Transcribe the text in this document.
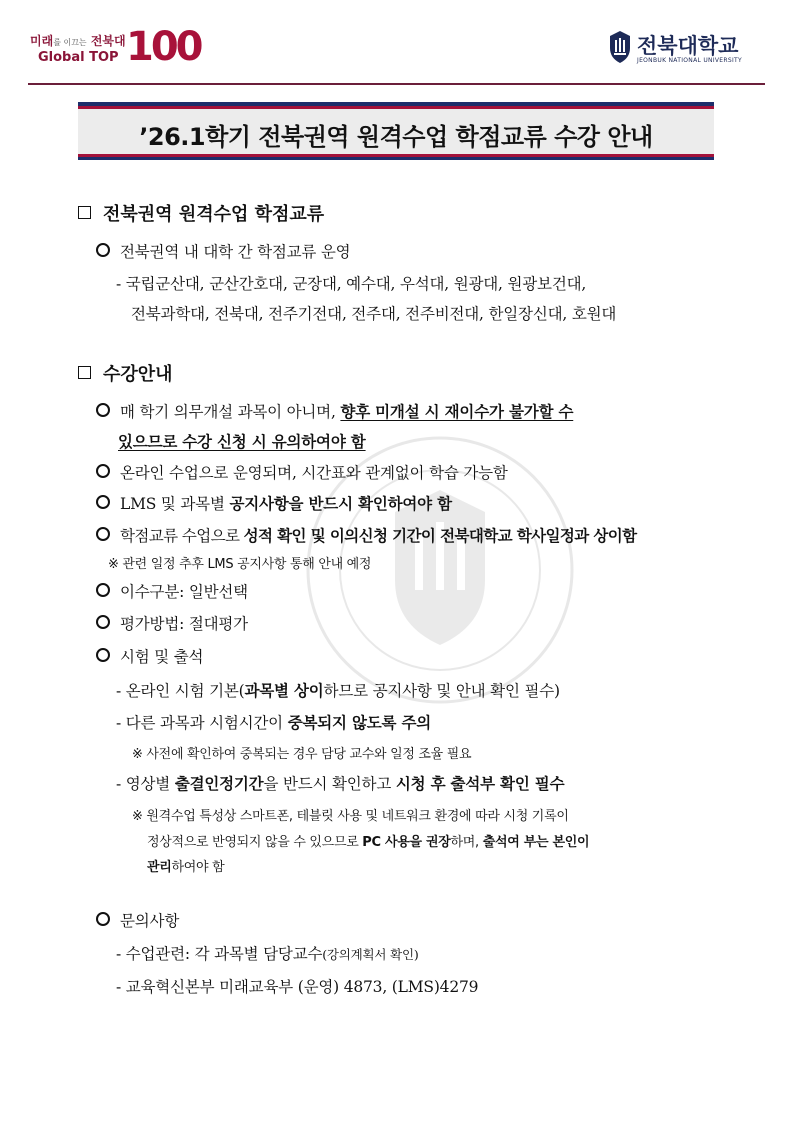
미래를 이끄는 전북대
Global TOP 100	전북대학교
JEONBUK NATIONAL UNIVERSITY
’26.1학기 전북권역 원격수업 학점교류 수강 안내
전북권역 원격수업 학점교류
전북권역 내 대학 간 학점교류 운영
- 국립군산대, 군산간호대, 군장대, 예수대, 우석대, 원광대, 원광보건대,
전북과학대, 전북대, 전주기전대, 전주대, 전주비전대, 한일장신대, 호원대
수강안내
매 학기 의무개설 과목이 아니며, 향후 미개설 시 재이수가 불가할 수
있으므로 수강 신청 시 유의하여야 함
온라인 수업으로 운영되며, 시간표와 관계없이 학습 가능함
LMS 및 과목별 공지사항을 반드시 확인하여야 함
학점교류 수업으로 성적 확인 및 이의신청 기간이 전북대학교 학사일정과 상이함
※ 관련 일정 추후 LMS 공지사항 통해 안내 예정
이수구분: 일반선택
평가방법: 절대평가
시험 및 출석
- 온라인 시험 기본(과목별 상이하므로 공지사항 및 안내 확인 필수)
- 다른 과목과 시험시간이 중복되지 않도록 주의
※ 사전에 확인하여 중복되는 경우 담당 교수와 일정 조율 필요
- 영상별 출결인정기간을 반드시 확인하고 시청 후 출석부 확인 필수
※ 원격수업 특성상 스마트폰, 테블릿 사용 및 네트워크 환경에 따라 시청 기록이
정상적으로 반영되지 않을 수 있으므로 PC 사용을 권장하며, 출석여 부는 본인이
관리하여야 함
문의사항
- 수업관련: 각 과목별 담당교수(강의계획서 확인)
- 교육혁신본부 미래교육부 (운영) 4873, (LMS)4279
